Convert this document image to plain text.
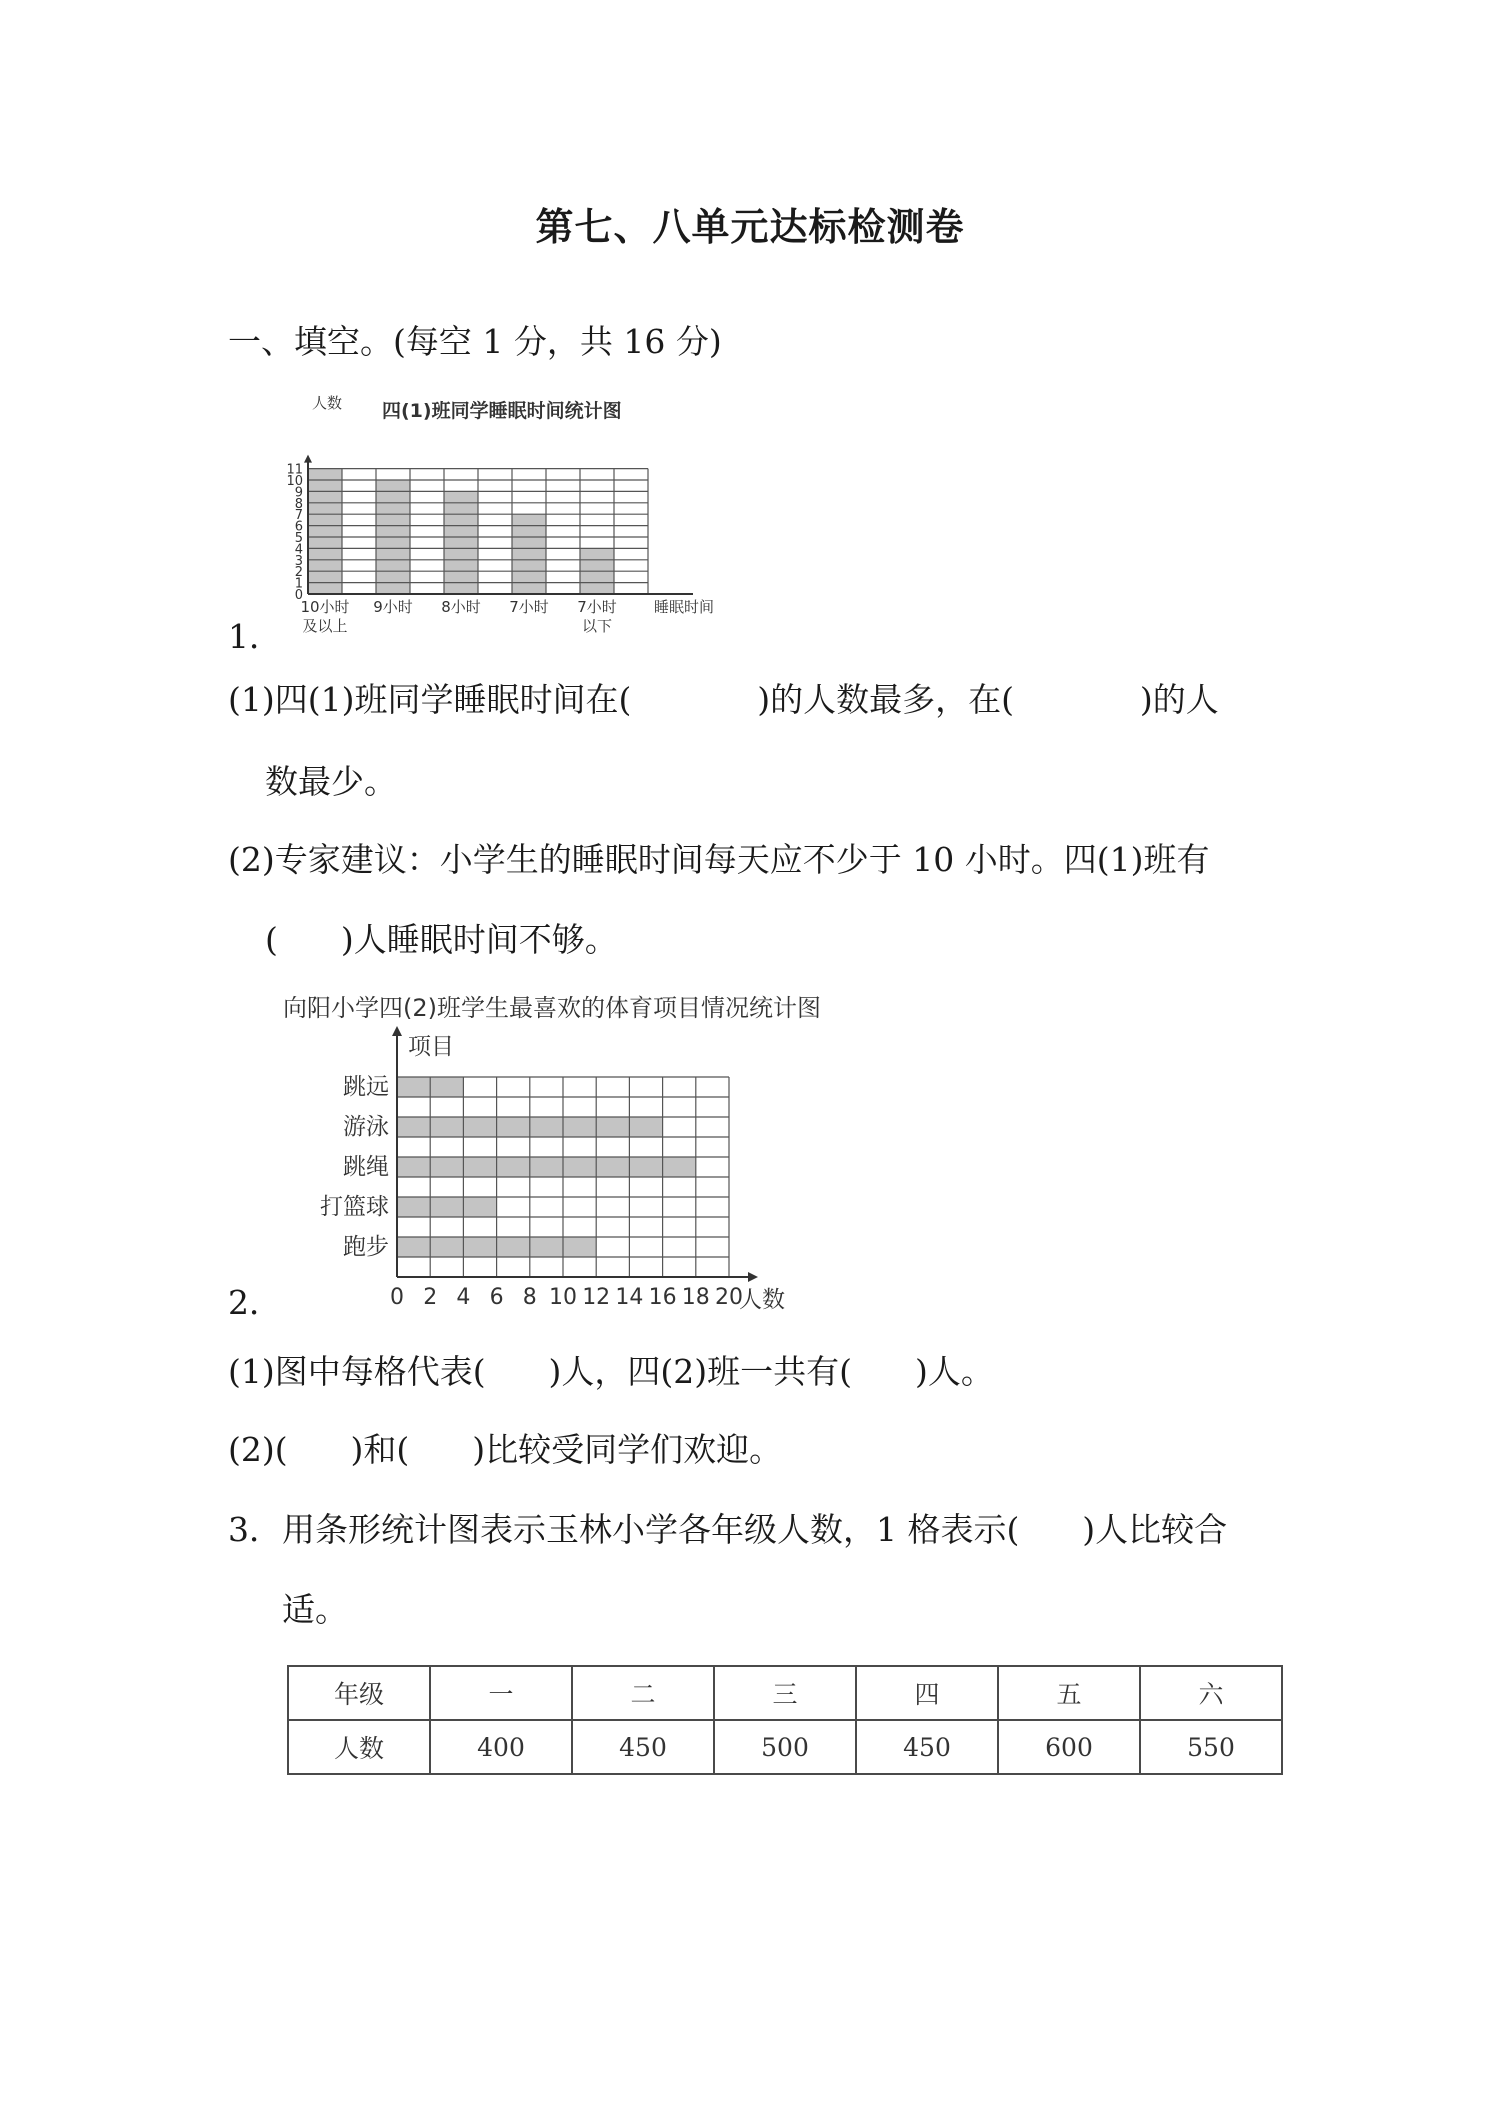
第七、八单元达标检测卷
一、填空。(每空 1 分，共 16 分)
四(1)班同学睡眠时间统计图
人数
0
1
2
3
4
5
6
7
8
9
10
11
10小时
及以上
9小时 8小时 7小时 7小时
以下
睡眠时间
1．
(1)四(1)班同学睡眠时间在(            )的人数最多，在(            )的人
数最少。
(2)专家建议：小学生的睡眠时间每天应不少于 10 小时。四(1)班有
(      )人睡眠时间不够。
向阳小学四(2)班学生最喜欢的体育项目情况统计图
项目
跳远
游泳
跳绳
打篮球
跑步
0 2 4 6 8 10 12 14 16 18 20
人数
2．
(1)图中每格代表(      )人，四(2)班一共有(      )人。
(2)(      )和(      )比较受同学们欢迎。
3．用条形统计图表示玉林小学各年级人数，1 格表示(      )人比较合
适。
年级	一	二	三	四	五	六
人数	400	450	500	450	600	550
